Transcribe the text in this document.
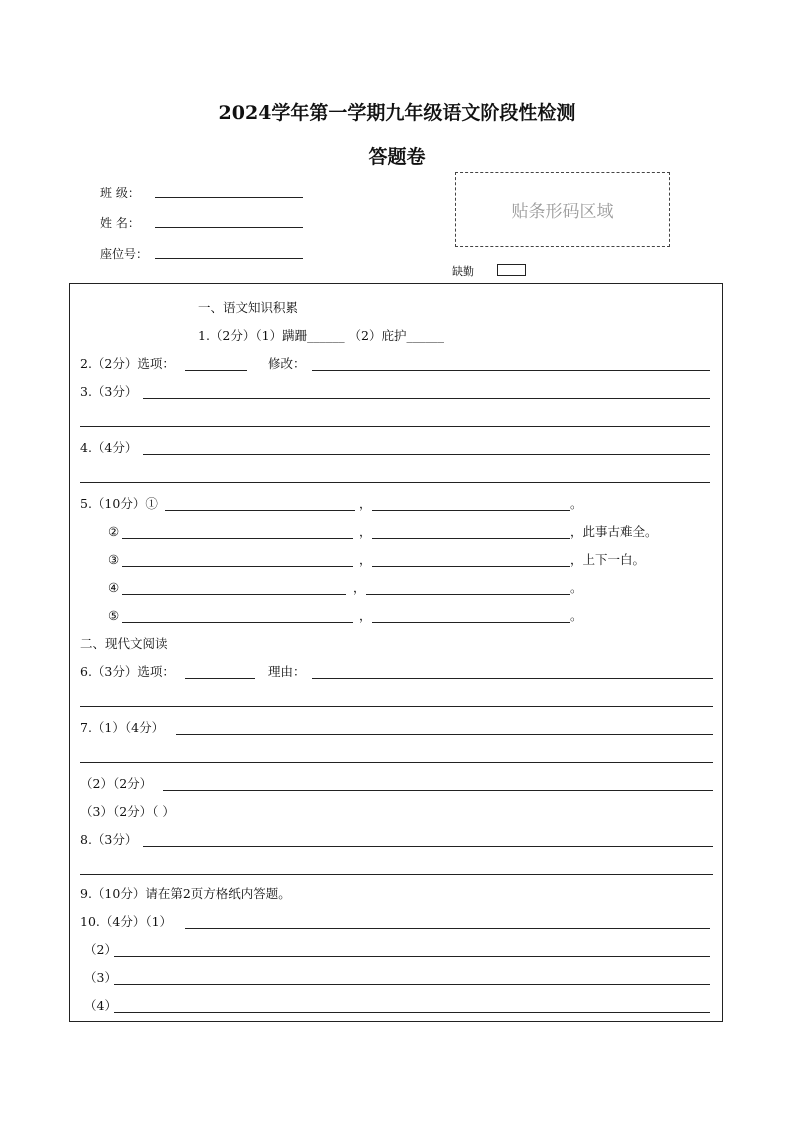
2024学年第一学期九年级语文阶段性检测
答题卷
班 级：
姓 名：
座位号：
贴条形码区域
缺勤
一、语文知识积累
1.（2分）（1）蹒跚______ （2）庇护______
2.（2分）选项：	修改：
3.（3分）
4.（4分）
5.（10分）①	，	。
②	，	，此事古难全。
③	，	，上下一白。
④	，	。
⑤	，	。
二、现代文阅读
6.（3分）选项：	理由：
7.（1）（4分）
（2）（2分）
（3）（2分）（ ）
8.（3分）
9.（10分）请在第2页方格纸内答题。
10.（4分）（1）
（2）
（3）
（4）
